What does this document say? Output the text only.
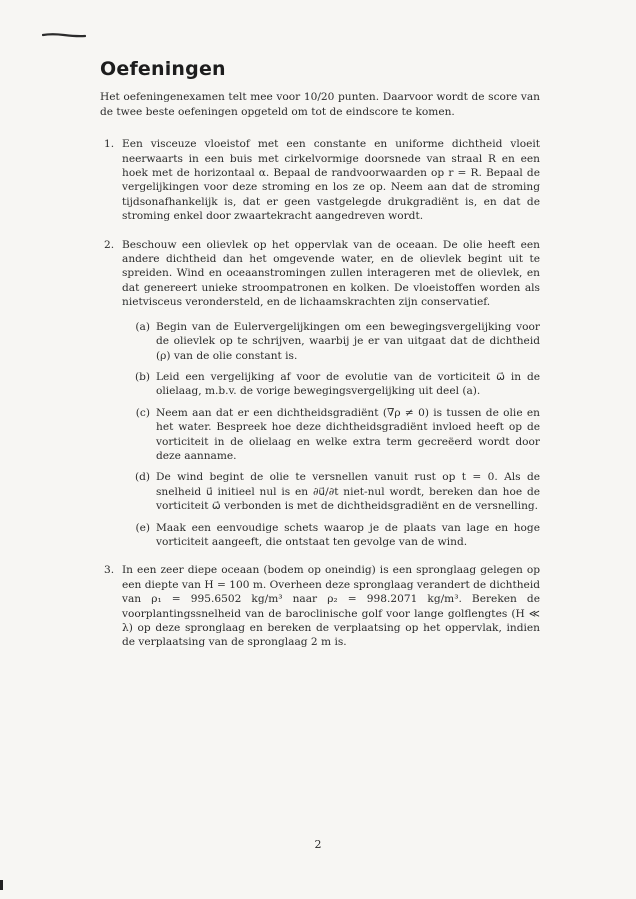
Oefeningen

Het oefeningenexamen telt mee voor 10/20 punten. Daarvoor wordt de score van de twee beste oefeningen opgeteld om tot de eindscore te komen.

1. Een visceuze vloeistof met een constante en uniforme dichtheid vloeit neerwaarts in een buis met cirkelvormige doorsnede van straal R en een hoek met de horizontaal α. Bepaal de randvoorwaarden op r = R. Bepaal de vergelijkingen voor deze stroming en los ze op. Neem aan dat de stroming tijdsonafhankelijk is, dat er geen vastgelegde drukgradiënt is, en dat de stroming enkel door zwaartekracht aangedreven wordt.

2. Beschouw een olievlek op het oppervlak van de oceaan. De olie heeft een andere dichtheid dan het omgevende water, en de olievlek begint uit te spreiden. Wind en oceaanstromingen zullen interageren met de olievlek, en dat genereert unieke stroompatronen en kolken. De vloeistoffen worden als nietvisceus verondersteld, en de lichaamskrachten zijn conservatief.

(a) Begin van de Eulervergelijkingen om een bewegingsvergelijking voor de olievlek op te schrijven, waarbij je er van uitgaat dat de dichtheid (ρ) van de olie constant is.

(b) Leid een vergelijking af voor de evolutie van de vorticiteit ω⃗ in de olielaag, m.b.v. de vorige bewegingsvergelijking uit deel (a).

(c) Neem aan dat er een dichtheidsgradiënt (∇ρ ≠ 0) is tussen de olie en het water. Bespreek hoe deze dichtheidsgradiënt invloed heeft op de vorticiteit in de olielaag en welke extra term gecreëerd wordt door deze aanname.

(d) De wind begint de olie te versnellen vanuit rust op t = 0. Als de snelheid u⃗ initieel nul is en ∂u⃗/∂t niet-nul wordt, bereken dan hoe de vorticiteit ω⃗ verbonden is met de dichtheidsgradiënt en de versnelling.

(e) Maak een eenvoudige schets waarop je de plaats van lage en hoge vorticiteit aangeeft, die ontstaat ten gevolge van de wind.

3. In een zeer diepe oceaan (bodem op oneindig) is een spronglaag gelegen op een diepte van H = 100 m. Overheen deze spronglaag verandert de dichtheid van ρ₁ = 995.6502 kg/m³ naar ρ₂ = 998.2071 kg/m³. Bereken de voorplantingssnelheid van de baroclinische golf voor lange golflengtes (H ≪ λ) op deze spronglaag en bereken de verplaatsing op het oppervlak, indien de verplaatsing van de spronglaag 2 m is.

2
